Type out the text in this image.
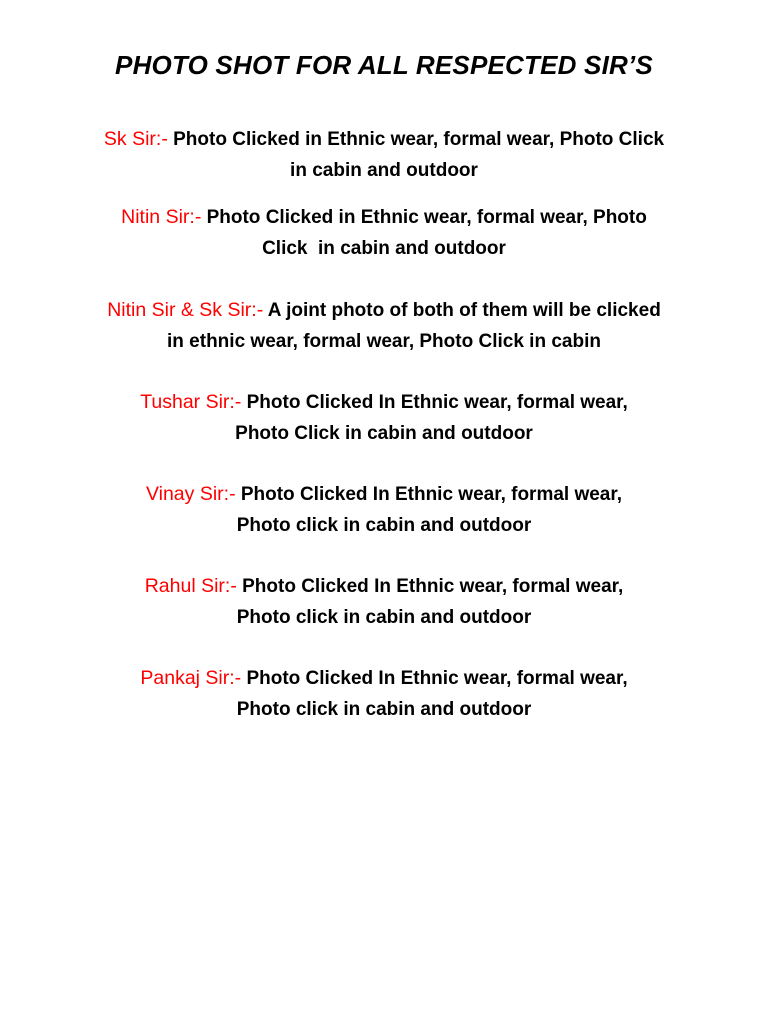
PHOTO SHOT FOR ALL RESPECTED SIR’S

Sk Sir:- Photo Clicked in Ethnic wear, formal wear, Photo Click
in cabin and outdoor

Nitin Sir:- Photo Clicked in Ethnic wear, formal wear, Photo
Click  in cabin and outdoor

Nitin Sir & Sk Sir:- A joint photo of both of them will be clicked
in ethnic wear, formal wear, Photo Click in cabin

Tushar Sir:- Photo Clicked In Ethnic wear, formal wear,
Photo Click in cabin and outdoor

Vinay Sir:- Photo Clicked In Ethnic wear, formal wear,
Photo click in cabin and outdoor

Rahul Sir:- Photo Clicked In Ethnic wear, formal wear,
Photo click in cabin and outdoor

Pankaj Sir:- Photo Clicked In Ethnic wear, formal wear,
Photo click in cabin and outdoor
